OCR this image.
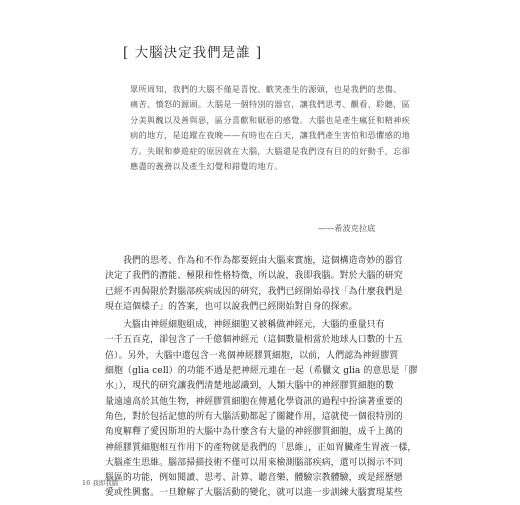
[ 大腦決定我們是誰 ]
眾所周知，我們的大腦不僅是喜悅、歡笑產生的源頭，也是我們的悲傷、
痛苦、憤怒的源頭。大腦是一個特別的器官，讓我們思考、觀看、聆聽，區
分美與醜以及善與惡，區分喜歡和厭惡的感覺。大腦也是產生瘋狂和精神疾
病的地方，是追蹤在夜晚——有時也在白天，讓我們產生害怕和恐懼感的地
方。失眠和夢遊症的原因就在大腦，大腦還是我們沒有目的的好動手，忘卻
應盡的義務以及產生幻覺和錯覺的地方。
——希波克拉底
我們的思考、作為和不作為都要經由大腦來實施，這個構造奇妙的器官
決定了我們的潛能、極限和性格特徵，所以說，我即我腦。對於大腦的研究
已經不再侷限於對腦部疾病成因的研究，我們已經開始尋找「為什麼我們是
現在這個樣子」的答案，也可以說我們已經開始對自身的探索。
大腦由神經細胞組成，神經細胞又被稱做神經元，大腦的重量只有
一千五百克，卻包含了一千億個神經元（這個數量相當於地球人口數的十五
倍）。另外，大腦中還包含一兆個神經膠質細胞，以前，人們認為神經膠質
細胞（glia cell）的功能不過是把神經元連在一起（希臘文 glia 的意思是「膠
水」），現代的研究讓我們清楚地認識到，人類大腦中的神經膠質細胞的數
量遠遠高於其他生物，神經膠質細胞在傳遞化學資訊的過程中扮演著重要的
角色，對於包括記憶的所有大腦活動都起了關鍵作用，這就使一個很特別的
角度解釋了愛因斯坦的大腦中為什麼含有大量的神經膠質細胞，成千上萬的
神經膠質細胞相互作用下的產物就是我們的「思維」，正如胃臟產生胃液一樣，
大腦產生思維。腦部掃描技術不僅可以用來檢測腦部疾病，還可以揭示不同
腦區的功能，例如閱讀、思考、計算、聽音樂、體驗宗教體驗，或是經歷戀
愛或性興奮。一旦瞭解了大腦活動的變化，就可以進一步訓練大腦實現某些
16 我即我腦
